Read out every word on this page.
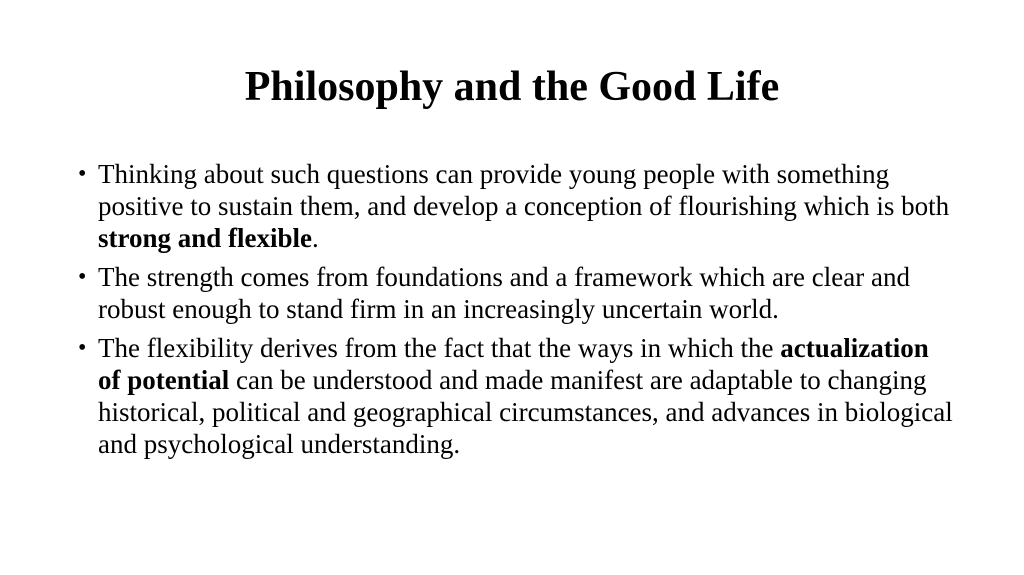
Philosophy and the Good Life
• Thinking about such questions can provide young people with something positive to sustain them, and develop a conception of flourishing which is both strong and flexible.
• The strength comes from foundations and a framework which are clear and robust enough to stand firm in an increasingly uncertain world.
• The flexibility derives from the fact that the ways in which the actualization of potential can be understood and made manifest are adaptable to changing historical, political and geographical circumstances, and advances in biological and psychological understanding.
